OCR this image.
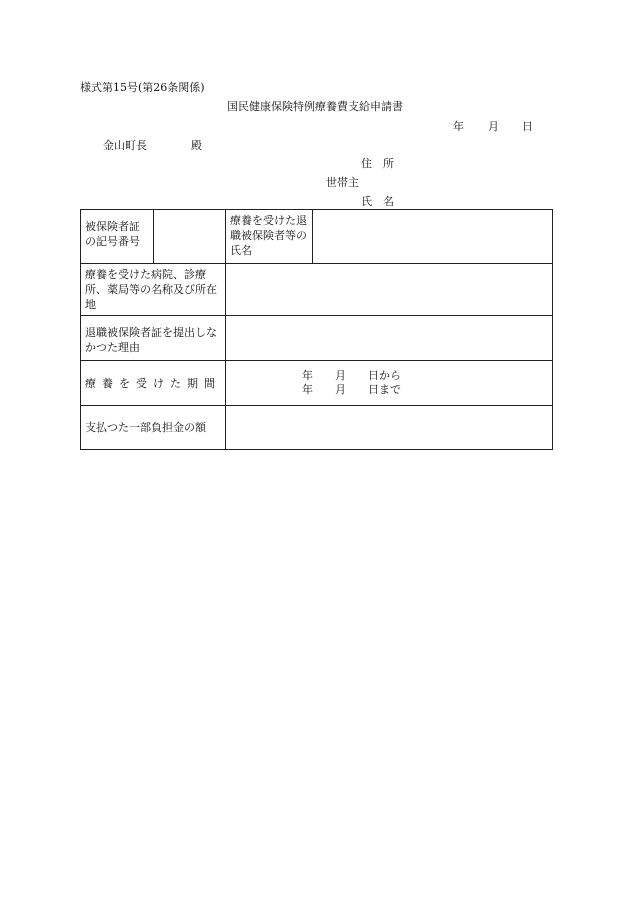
様式第15号(第26条関係)
国民健康保険特例療養費支給申請書
年 月 日
金山町長　　　　殿
住　所
世帯主
氏　名
被保険者証の記号番号		療養を受けた退職被保険者等の氏名	
療養を受けた病院、診療所、薬局等の名称及び所在地			
退職被保険者証を提出しなかつた理由			
療養を受けた期間		年　　月　　日から
年　　月　　日まで	

支払つた一部負担金の額			
